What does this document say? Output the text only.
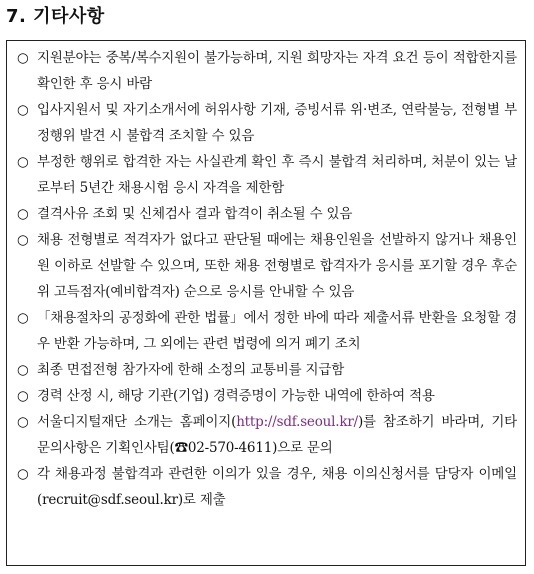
7. 기타사항
○ 지원분야는 중복/복수지원이 불가능하며, 지원 희망자는 자격 요건 등이 적합한지를 확인한 후 응시 바람
○ 입사지원서 및 자기소개서에 허위사항 기재, 증빙서류 위·변조, 연락불능, 전형별 부정행위 발견 시 불합격 조치할 수 있음
○ 부정한 행위로 합격한 자는 사실관계 확인 후 즉시 불합격 처리하며, 처분이 있는 날로부터 5년간 채용시험 응시 자격을 제한함
○ 결격사유 조회 및 신체검사 결과 합격이 취소될 수 있음
○ 채용 전형별로 적격자가 없다고 판단될 때에는 채용인원을 선발하지 않거나 채용인원 이하로 선발할 수 있으며, 또한 채용 전형별로 합격자가 응시를 포기할 경우 후순위 고득점자(예비합격자) 순으로 응시를 안내할 수 있음
○ 「채용절차의 공정화에 관한 법률」에서 정한 바에 따라 제출서류 반환을 요청할 경우 반환 가능하며, 그 외에는 관련 법령에 의거 폐기 조치
○ 최종 면접전형 참가자에 한해 소정의 교통비를 지급함
○ 경력 산정 시, 해당 기관(기업) 경력증명이 가능한 내역에 한하여 적용
○ 서울디지털재단 소개는 홈페이지(http://sdf.seoul.kr/)를 참조하기 바라며, 기타 문의사항은 기획인사팀(☎02-570-4611)으로 문의
○ 각 채용과정 불합격과 관련한 이의가 있을 경우, 채용 이의신청서를 담당자 이메일(recruit@sdf.seoul.kr)로 제출
